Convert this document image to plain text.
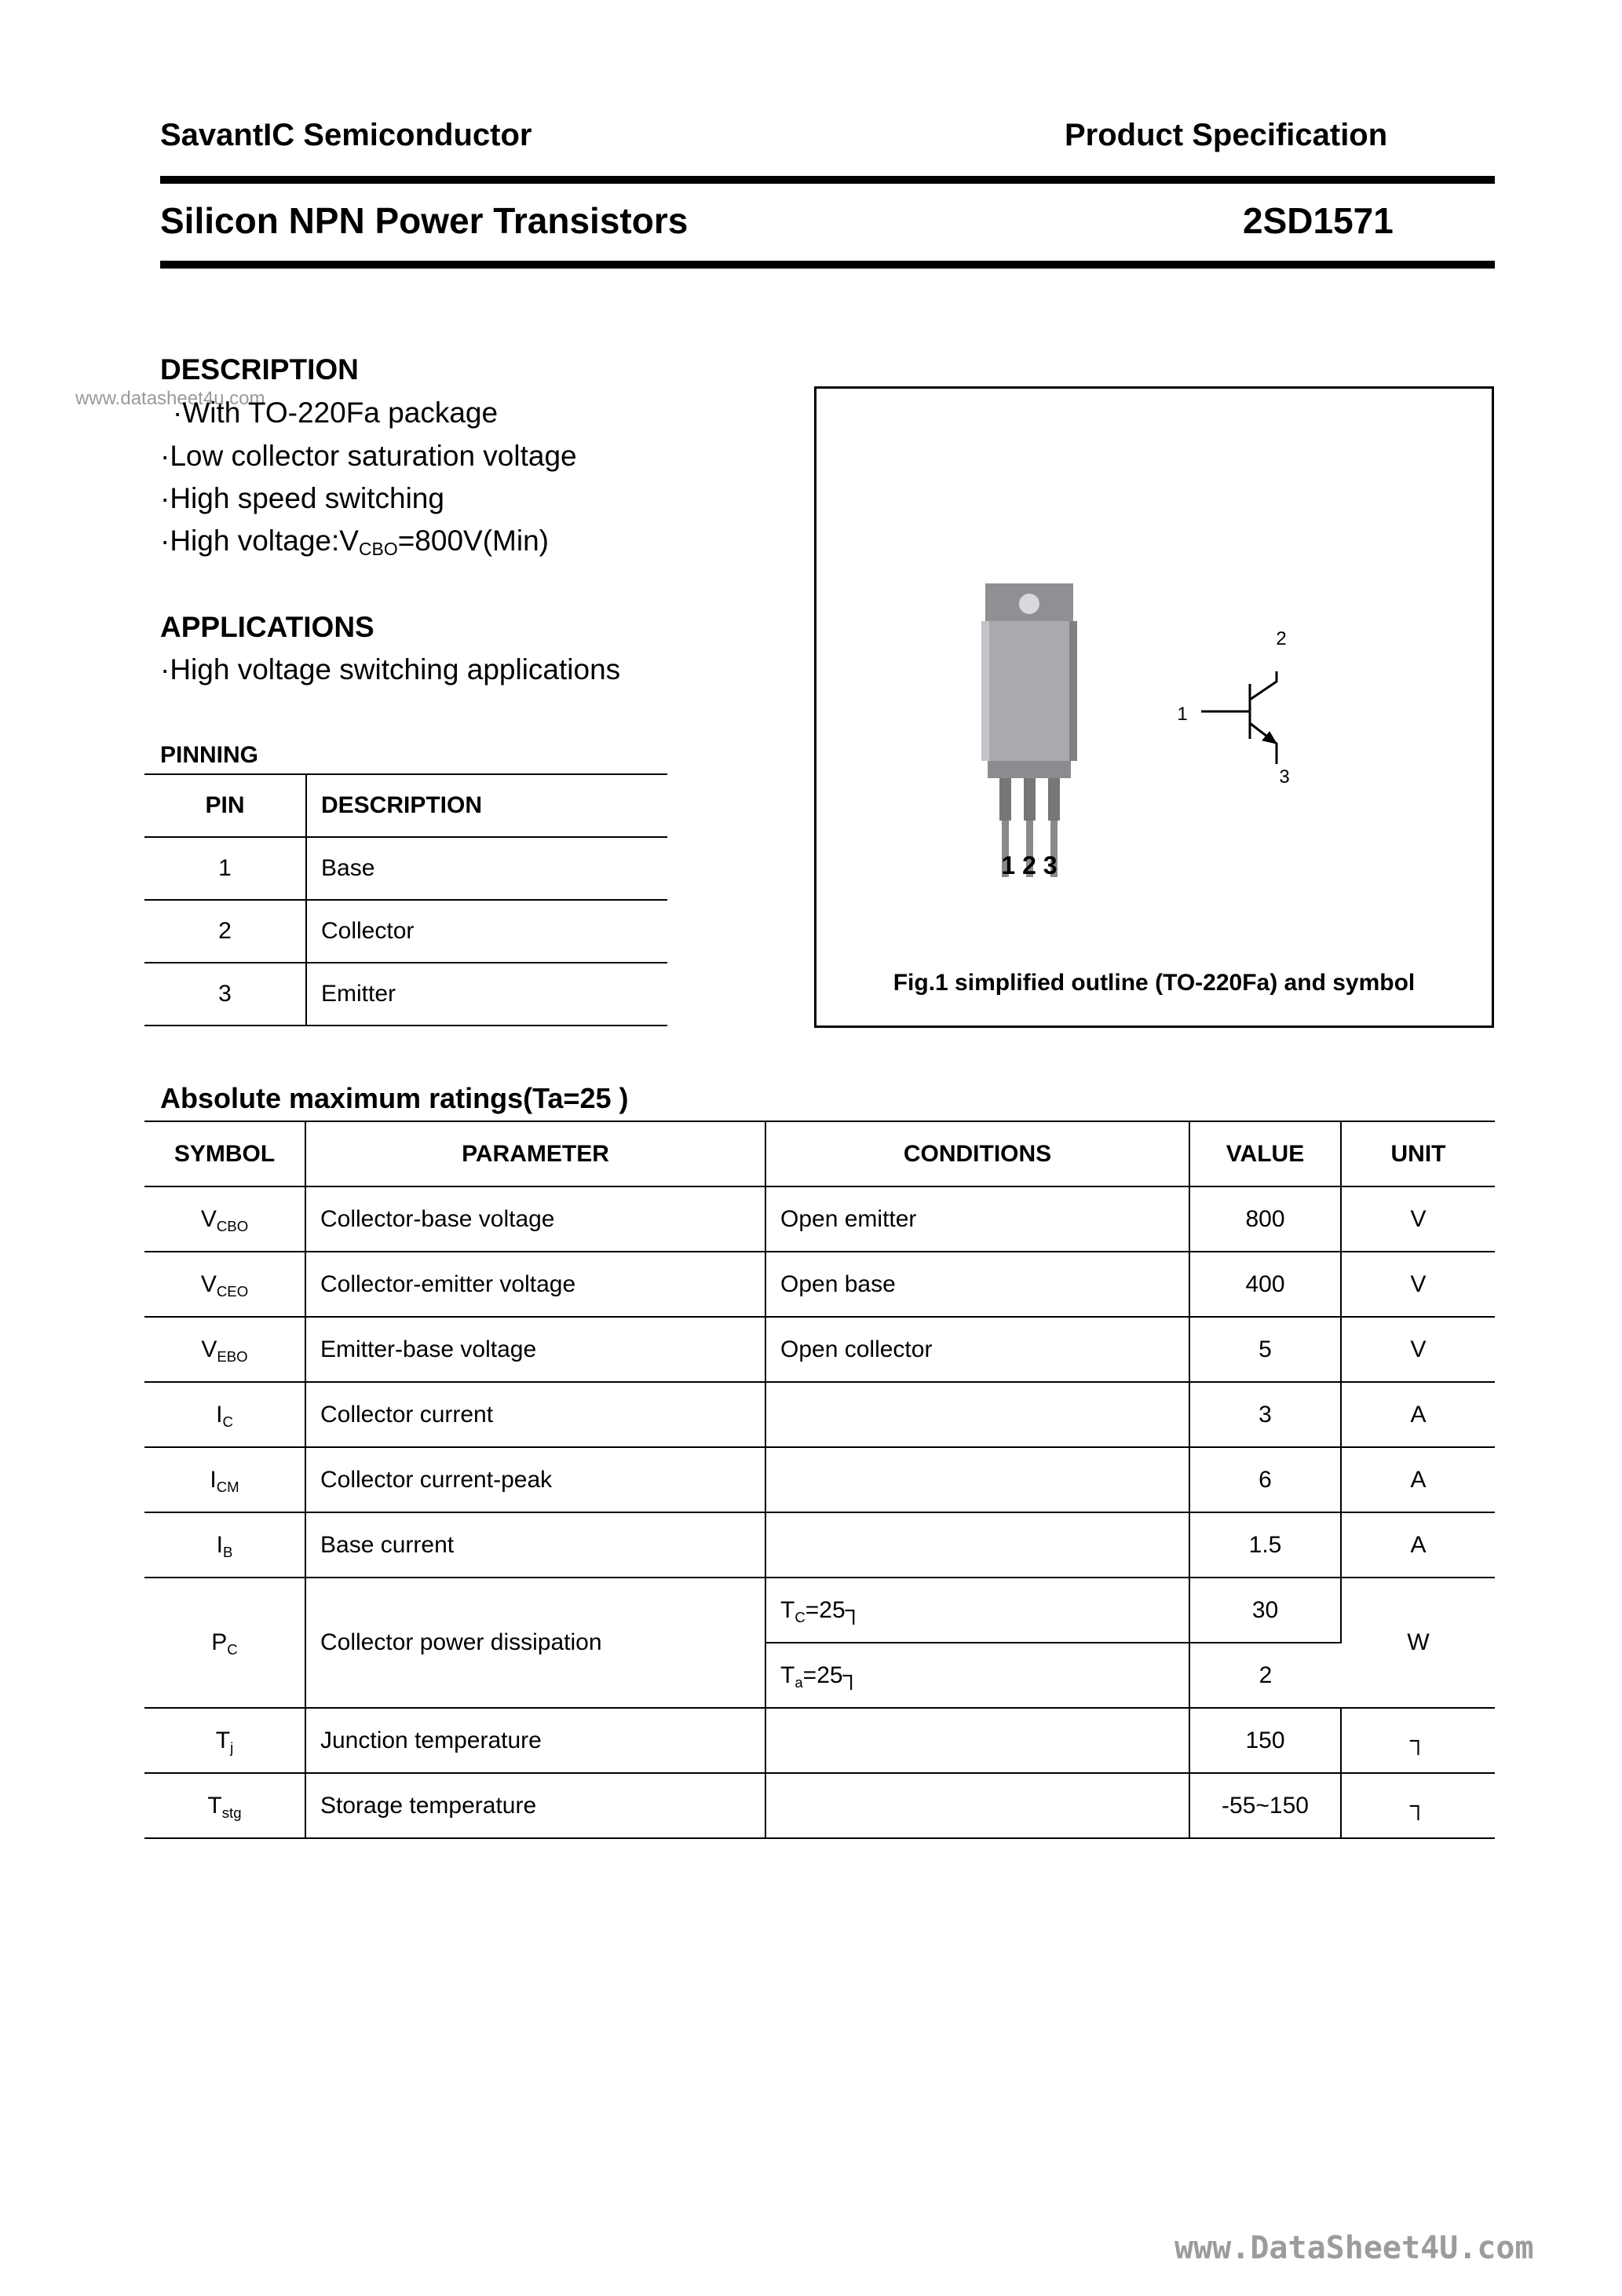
SavantIC Semiconductor	Product Specification
Silicon NPN Power Transistors	2SD1571
www.datasheet4u.com
www.DataSheet4U.com
DESCRIPTION
·With TO-220Fa package
·Low collector saturation voltage
·High speed switching
·High $voltage:V_{CBO}=800V(Min)$
APPLICATIONS
·High voltage switching applications
PINNING
PIN	DESCRIPTION
1	Base
2	Collector
3	Emitter
1 2 3
1
2
3
Fig.1 simplified outline (TO-220Fa) and symbol
Absolute maximum ratings(Ta=25 )
SYMBOL	PARAMETER	CONDITIONS	VALUE	UNIT
$V_{CBO}$	Collector-base voltage	Open emitter	800	V
$V_{CEO}$	Collector-emitter voltage	Open base	400	V
$V_{EBO}$	Emitter-base voltage	Open collector	5	V
$I_C$	Collector current		3	A
$I_{CM}$	Collector current-peak		6	A
$I_B$	Base current		1.5	A
$P_C$	Collector power dissipation	$T_C=25┐$	30	W
		$T_a=25┐$	2	
$T_j$	Junction temperature		150	┐
$T_{stg}$	Storage temperature		-55~150	┐
